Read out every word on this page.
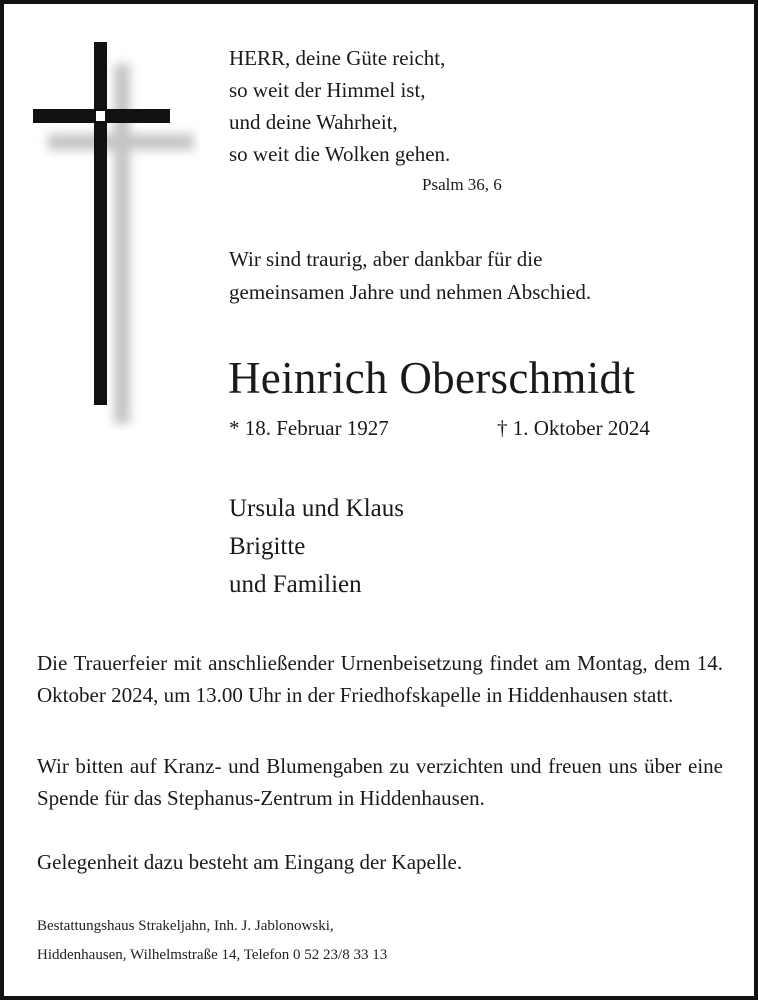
HERR, deine Güte reicht,
so weit der Himmel ist,
und deine Wahrheit,
so weit die Wolken gehen.
Psalm 36, 6
Wir sind traurig, aber dankbar für die
gemeinsamen Jahre und nehmen Abschied.
Heinrich Oberschmidt
* 18. Februar 1927	† 1. Oktober 2024
Ursula und Klaus
Brigitte
und Familien
Die Trauerfeier mit anschließender Urnenbeisetzung findet am Montag, dem 14. Oktober 2024, um 13.00 Uhr in der Friedhofskapelle in Hiddenhausen statt.
Wir bitten auf Kranz- und Blumengaben zu verzichten und freuen uns über eine Spende für das Stephanus-Zentrum in Hiddenhausen.
Gelegenheit dazu besteht am Eingang der Kapelle.
Bestattungshaus Strakeljahn, Inh. J. Jablonowski,
Hiddenhausen, Wilhelmstraße 14, Telefon 0 52 23/8 33 13
